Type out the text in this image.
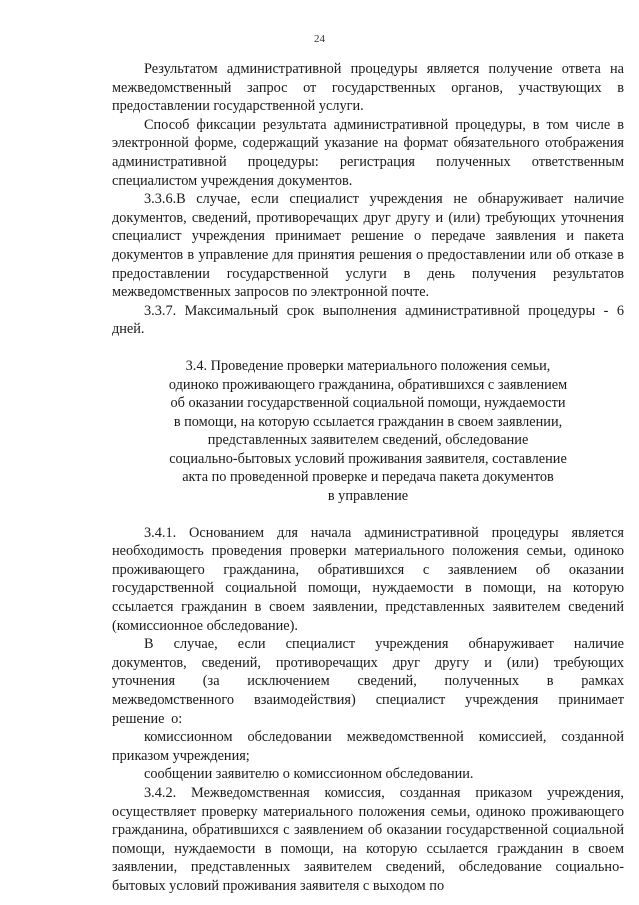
24

Результатом административной процедуры является получение ответа на межведомственный запрос от государственных органов, участвующих в предоставлении государственной услуги.

Способ фиксации результата административной процедуры, в том числе в электронной форме, содержащий указание на формат обязательного отображения административной процедуры: регистрация полученных ответственным специалистом учреждения документов.

3.3.6.В случае, если специалист учреждения не обнаруживает наличие документов, сведений, противоречащих друг другу и (или) требующих уточнения специалист учреждения принимает решение о передаче заявления и пакета документов в управление для принятия решения о предоставлении или об отказе в предоставлении государственной услуги в день получения результатов межведомственных запросов по электронной почте.

3.3.7. Максимальный срок выполнения административной процедуры - 6 дней.

3.4. Проведение проверки материального положения семьи,
одиноко проживающего гражданина, обратившихся с заявлением
об оказании государственной социальной помощи, нуждаемости
в помощи, на которую ссылается гражданин в своем заявлении,
представленных заявителем сведений, обследование
социально-бытовых условий проживания заявителя, составление
акта по проведенной проверке и передача пакета документов
в управление

3.4.1. Основанием для начала административной процедуры является необходимость проведения проверки материального положения семьи, одиноко проживающего гражданина, обратившихся с заявлением об оказании государственной социальной помощи, нуждаемости в помощи, на которую ссылается гражданин в своем заявлении, представленных заявителем сведений (комиссионное обследование).

В случае, если специалист учреждения обнаруживает наличие документов, сведений, противоречащих друг другу и (или) требующих уточнения (за исключением сведений, полученных в рамках межведомственного взаимодействия) специалист учреждения принимает решение о:

комиссионном обследовании межведомственной комиссией, созданной приказом учреждения;

сообщении заявителю о комиссионном обследовании.

3.4.2. Межведомственная комиссия, созданная приказом учреждения, осуществляет проверку материального положения семьи, одиноко проживающего гражданина, обратившихся с заявлением об оказании государственной социальной помощи, нуждаемости в помощи, на которую ссылается гражданин в своем заявлении, представленных заявителем сведений, обследование социально-бытовых условий проживания заявителя с выходом по
